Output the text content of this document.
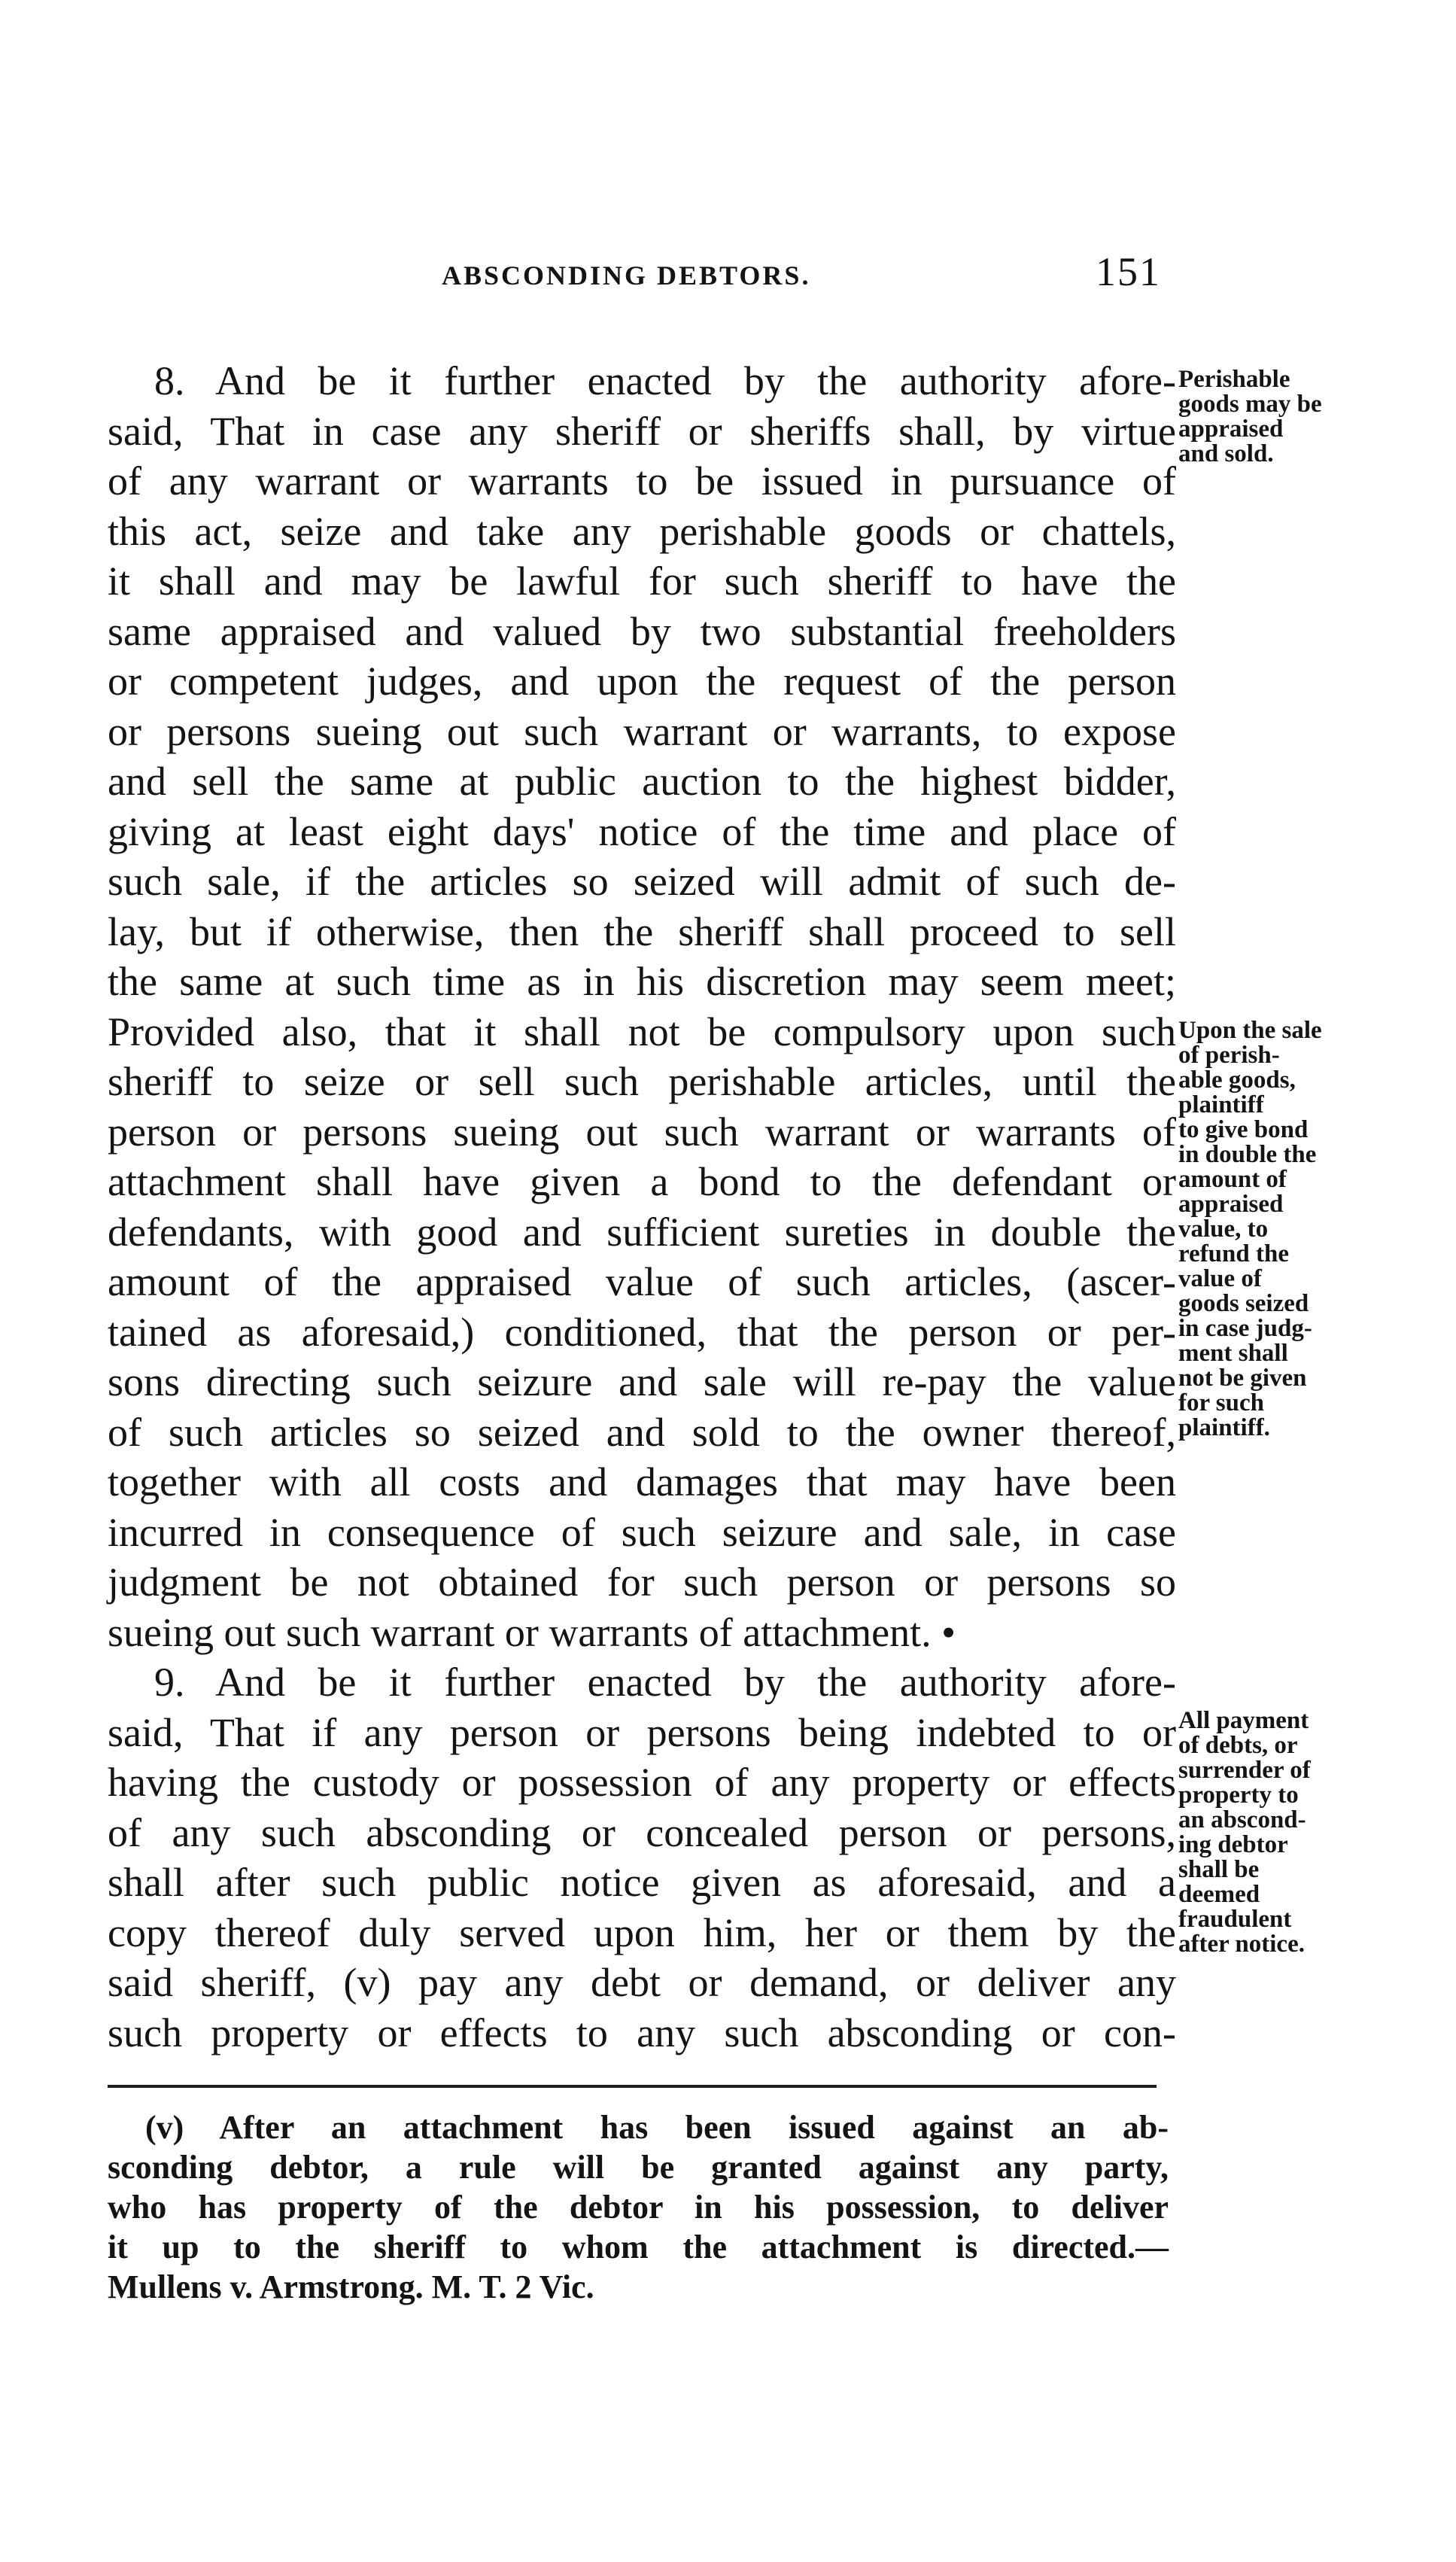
ABSCONDING DEBTORS.	151
8. And be it further enacted by the authority afore-
said, That in case any sheriff or sheriffs shall, by virtue
of any warrant or warrants to be issued in pursuance of
this act, seize and take any perishable goods or chattels,
it shall and may be lawful for such sheriff to have the
same appraised and valued by two substantial freeholders
or competent judges, and upon the request of the person
or persons sueing out such warrant or warrants, to expose
and sell the same at public auction to the highest bidder,
giving at least eight days' notice of the time and place of
such sale, if the articles so seized will admit of such de-
lay, but if otherwise, then the sheriff shall proceed to sell
the same at such time as in his discretion may seem meet;
Provided also, that it shall not be compulsory upon such
sheriff to seize or sell such perishable articles, until the
person or persons sueing out such warrant or warrants of
attachment shall have given a bond to the defendant or
defendants, with good and sufficient sureties in double the
amount of the appraised value of such articles, (ascer-
tained as aforesaid,) conditioned, that the person or per-
sons directing such seizure and sale will re-pay the value
of such articles so seized and sold to the owner thereof,
together with all costs and damages that may have been
incurred in consequence of such seizure and sale, in case
judgment be not obtained for such person or persons so
sueing out such warrant or warrants of attachment. •
9. And be it further enacted by the authority afore-
said, That if any person or persons being indebted to or
having the custody or possession of any property or effects
of any such absconding or concealed person or persons,
shall after such public notice given as aforesaid, and a
copy thereof duly served upon him, her or them by the
said sheriff, (v) pay any debt or demand, or deliver any
such property or effects to any such absconding or con-
Perishable
goods may be
appraised
and sold.
Upon the sale
of perish-
able goods,
plaintiff
to give bond
in double the
amount of
appraised
value, to
refund the
value of
goods seized
in case judg-
ment shall
not be given
for such
plaintiff.
All payment
of debts, or
surrender of
property to
an abscond-
ing debtor
shall be
deemed
fraudulent
after notice.
(v) After an attachment has been issued against an ab-
sconding debtor, a rule will be granted against any party,
who has property of the debtor in his possession, to deliver
it up to the sheriff to whom the attachment is directed.—
Mullens v. Armstrong. M. T. 2 Vic.
